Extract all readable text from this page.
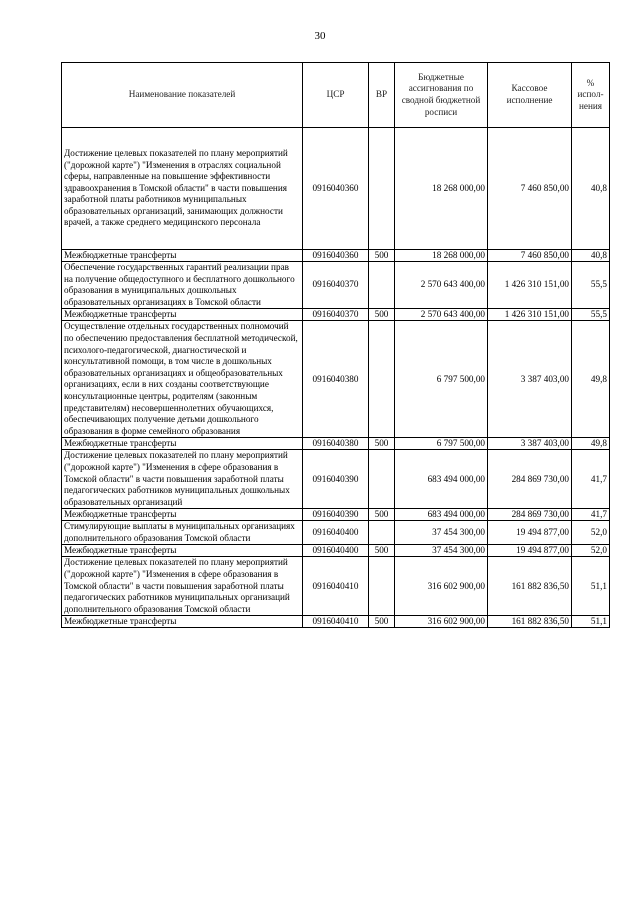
30
Наименование показателей	ЦСР	ВР	Бюджетные ассигнования по сводной бюджетной росписи	Кассовое исполнение	% испол-нения
Достижение целевых показателей по плану мероприятий ("дорожной карте") "Изменения в отраслях социальной сферы, направленные на повышение эффективности здравоохранения в Томской области" в части повышения заработной платы работников муниципальных образовательных организаций, занимающих должности врачей, а также среднего медицинского персонала	0916040360		18 268 000,00	7 460 850,00	40,8
Межбюджетные трансферты	0916040360	500	18 268 000,00	7 460 850,00	40,8
Обеспечение государственных гарантий реализации прав на получение общедоступного и бесплатного дошкольного образования в муниципальных дошкольных образовательных организациях в Томской области	0916040370		2 570 643 400,00	1 426 310 151,00	55,5
Межбюджетные трансферты	0916040370	500	2 570 643 400,00	1 426 310 151,00	55,5
Осуществление отдельных государственных полномочий по обеспечению предоставления бесплатной методической, психолого-педагогической, диагностической и консультативной помощи, в том числе в дошкольных образовательных организациях и общеобразовательных организациях, если в них созданы соответствующие консультационные центры, родителям (законным представителям) несовершеннолетних обучающихся, обеспечивающих получение детьми дошкольного образования в форме семейного образования	0916040380		6 797 500,00	3 387 403,00	49,8
Межбюджетные трансферты	0916040380	500	6 797 500,00	3 387 403,00	49,8
Достижение целевых показателей по плану мероприятий ("дорожной карте") "Изменения в сфере образования в Томской области" в части повышения заработной платы педагогических работников муниципальных дошкольных образовательных организаций	0916040390		683 494 000,00	284 869 730,00	41,7
Межбюджетные трансферты	0916040390	500	683 494 000,00	284 869 730,00	41,7
Стимулирующие выплаты в муниципальных организациях дополнительного образования Томской области	0916040400		37 454 300,00	19 494 877,00	52,0
Межбюджетные трансферты	0916040400	500	37 454 300,00	19 494 877,00	52,0
Достижение целевых показателей по плану мероприятий ("дорожной карте") "Изменения в сфере образования в Томской области" в части повышения заработной платы педагогических работников муниципальных организаций дополнительного образования Томской области	0916040410		316 602 900,00	161 882 836,50	51,1
Межбюджетные трансферты	0916040410	500	316 602 900,00	161 882 836,50	51,1
